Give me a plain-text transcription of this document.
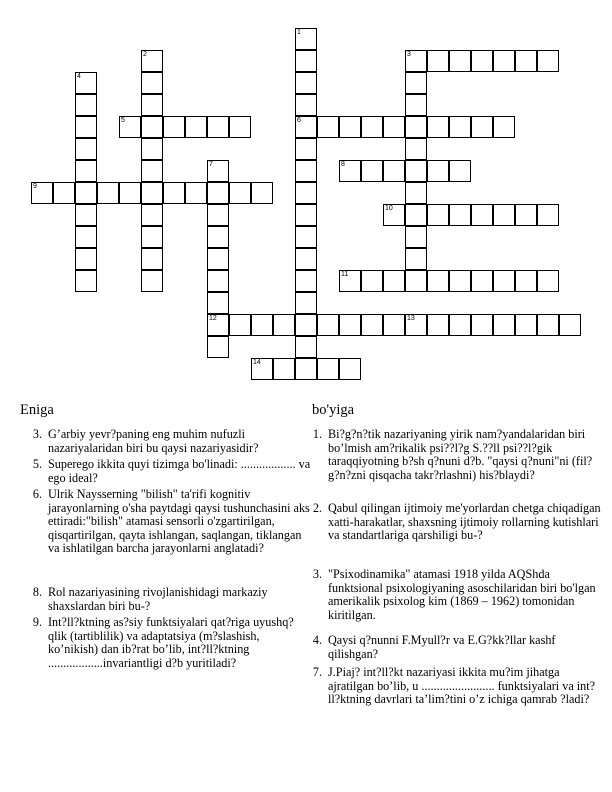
1
6
2	3
4
5
7
12
8
9
10
11
13
14
Eniga	bo'yiga
3. G’arbiy yevr?paning eng muhim nufuzli nazariyalaridan biri bu qaysi nazariyasidir?
5. Superego ikkita quyi tizimga bo'linadi: .................. va ego ideal?
6. Ulrik Naysserning "bilish" ta'rifi kognitiv jarayonlarning o'sha paytdagi qaysi tushunchasini aks ettiradi:"bilish" atamasi sensorli o'zgartirilgan, qisqartirilgan, qayta ishlangan, saqlangan, tiklangan va ishlatilgan barcha jarayonlarni anglatadi?
8. Rol nazariyasining rivojlanishidagi markaziy shaxslardan biri bu-?
9. Int?ll?ktning as?siy funktsiyalari qat?riga uyushq?qlik (tartiblilik) va adaptatsiya (m?slashish, ko’nikish) dan ib?rat bo’lib, int?ll?ktning ..................invariantligi d?b yuritiladi?
1. Bi?g?n?tik nazariyaning yirik nam?yandalaridan biri bo’lmish am?rikalik psi??l?g S.??ll psi??l?gik taraqqiyotning b?sh q?nuni d?b. "qaysi q?nuni"ni (fil?g?n?zni qisqacha takr?rlashni) his?blaydi?
2. Qabul qilingan ijtimoiy me'yorlardan chetga chiqadigan xatti-harakatlar, shaxsning ijtimoiy rollarning kutishlari va standartlariga qarshiligi bu-?
3. "Psixodinamika" atamasi 1918 yilda AQShda funktsional psixologiyaning asoschilaridan biri bo'lgan amerikalik psixolog kim (1869 – 1962) tomonidan kiritilgan.
4. Qaysi q?nunni F.Myull?r va E.G?kk?llar kashf qilishgan?
7. J.Piaj? int?ll?kt nazariyasi ikkita mu?im jihatga ajratilgan bo’lib, u ........................ funktsiyalari va int?ll?ktning davrlari ta’lim?tini o’z ichiga qamrab ?ladi?
